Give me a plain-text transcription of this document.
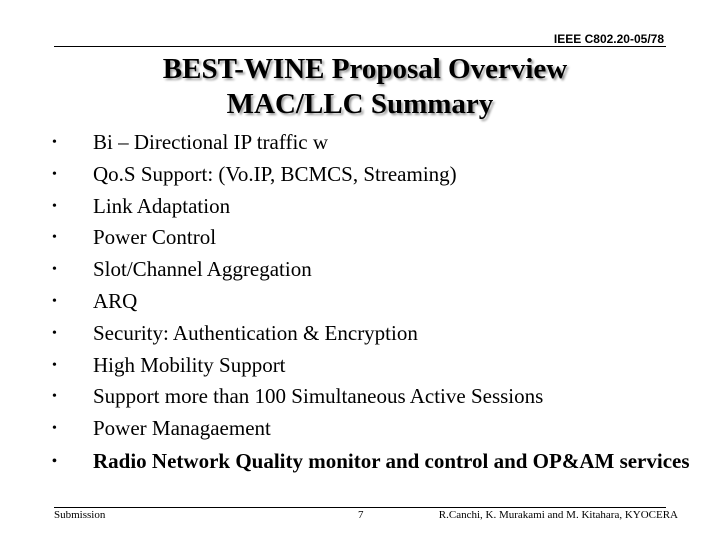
IEEE C802.20-05/78
BEST-WINE Proposal Overview
MAC/LLC Summary
• Bi – Directional IP traffic w
• Qo.S Support: (Vo.IP, BCMCS, Streaming)
• Link Adaptation
• Power Control
• Slot/Channel Aggregation
• ARQ
• Security: Authentication & Encryption
• High Mobility Support
• Support more than 100 Simultaneous Active Sessions
• Power Managaement
• Radio Network Quality monitor and control and OP&AM services
Submission	7	R.Canchi, K. Murakami and M. Kitahara, KYOCERA
